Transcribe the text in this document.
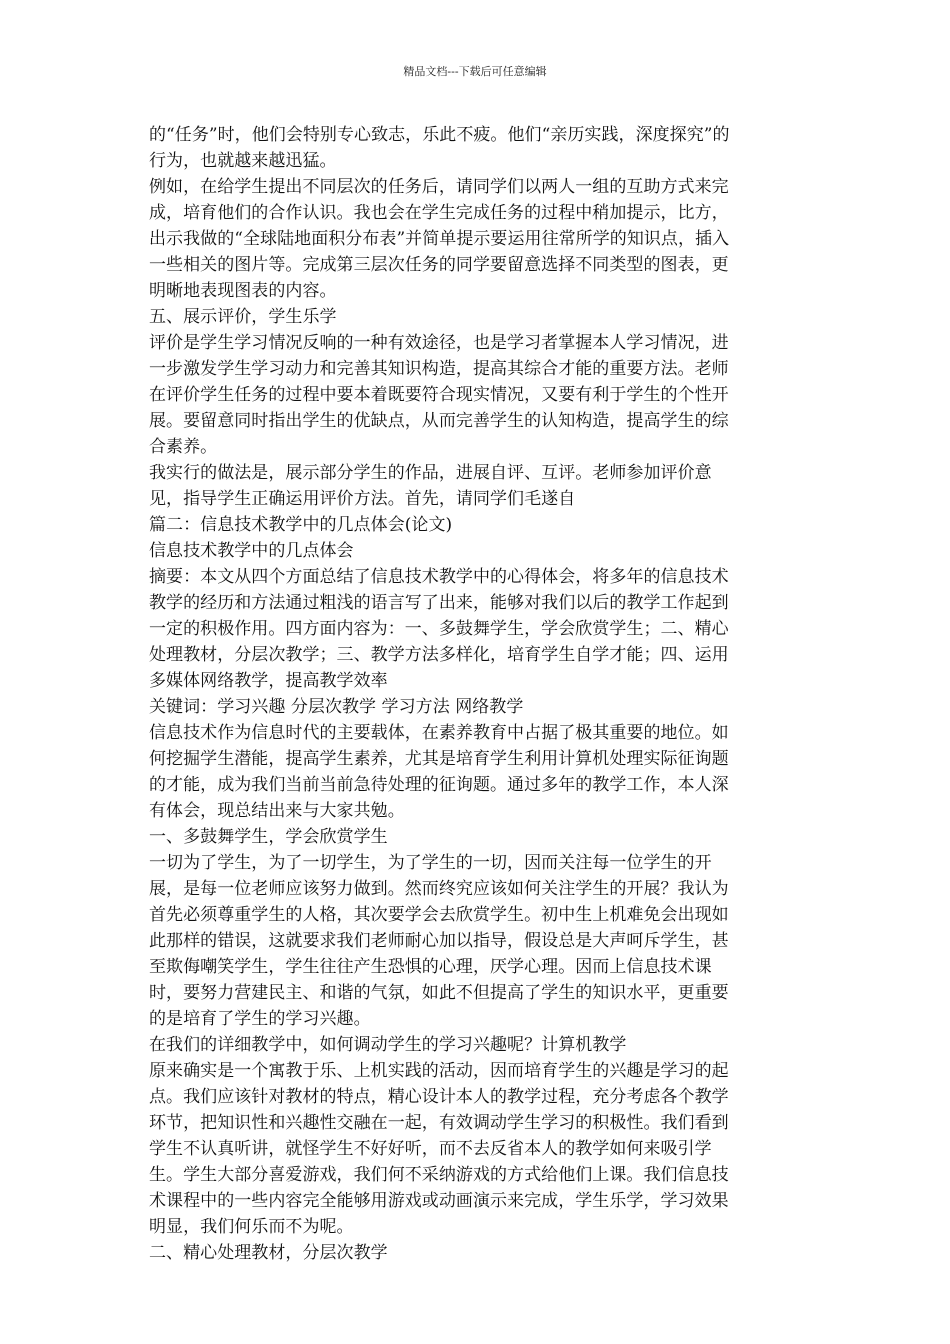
精品文档---下载后可任意编辑
的“任务”时，他们会特别专心致志，乐此不疲。他们“亲历实践，深度探究”的
行为，也就越来越迅猛。
例如，在给学生提出不同层次的任务后，请同学们以两人一组的互助方式来完
成，培育他们的合作认识。我也会在学生完成任务的过程中稍加提示，比方，
出示我做的“全球陆地面积分布表”并简单提示要运用往常所学的知识点，插入
一些相关的图片等。完成第三层次任务的同学要留意选择不同类型的图表，更
明晰地表现图表的内容。
五、展示评价，学生乐学
评价是学生学习情况反响的一种有效途径，也是学习者掌握本人学习情况，进
一步激发学生学习动力和完善其知识构造，提高其综合才能的重要方法。老师
在评价学生任务的过程中要本着既要符合现实情况，又要有利于学生的个性开
展。要留意同时指出学生的优缺点，从而完善学生的认知构造，提高学生的综
合素养。
我实行的做法是，展示部分学生的作品，进展自评、互评。老师参加评价意
见，指导学生正确运用评价方法。首先，请同学们毛遂自
篇二：信息技术教学中的几点体会(论文)
信息技术教学中的几点体会
摘要：本文从四个方面总结了信息技术教学中的心得体会，将多年的信息技术
教学的经历和方法通过粗浅的语言写了出来，能够对我们以后的教学工作起到
一定的积极作用。四方面内容为：一、多鼓舞学生，学会欣赏学生；二、精心
处理教材，分层次教学；三、教学方法多样化，培育学生自学才能；四、运用
多媒体网络教学，提高教学效率
关键词：学习兴趣 分层次教学 学习方法 网络教学
信息技术作为信息时代的主要载体，在素养教育中占据了极其重要的地位。如
何挖掘学生潜能，提高学生素养，尤其是培育学生利用计算机处理实际征询题
的才能，成为我们当前当前急待处理的征询题。通过多年的教学工作，本人深
有体会，现总结出来与大家共勉。
一、多鼓舞学生，学会欣赏学生
一切为了学生，为了一切学生，为了学生的一切，因而关注每一位学生的开
展，是每一位老师应该努力做到。然而终究应该如何关注学生的开展？我认为
首先必须尊重学生的人格，其次要学会去欣赏学生。初中生上机难免会出现如
此那样的错误，这就要求我们老师耐心加以指导，假设总是大声呵斥学生，甚
至欺侮嘲笑学生，学生往往产生恐惧的心理，厌学心理。因而上信息技术课
时，要努力营建民主、和谐的气氛，如此不但提高了学生的知识水平，更重要
的是培育了学生的学习兴趣。
在我们的详细教学中，如何调动学生的学习兴趣呢？计算机教学
原来确实是一个寓教于乐、上机实践的活动，因而培育学生的兴趣是学习的起
点。我们应该针对教材的特点，精心设计本人的教学过程，充分考虑各个教学
环节，把知识性和兴趣性交融在一起，有效调动学生学习的积极性。我们看到
学生不认真听讲，就怪学生不好好听，而不去反省本人的教学如何来吸引学
生。学生大部分喜爱游戏，我们何不采纳游戏的方式给他们上课。我们信息技
术课程中的一些内容完全能够用游戏或动画演示来完成，学生乐学，学习效果
明显，我们何乐而不为呢。
二、精心处理教材，分层次教学
